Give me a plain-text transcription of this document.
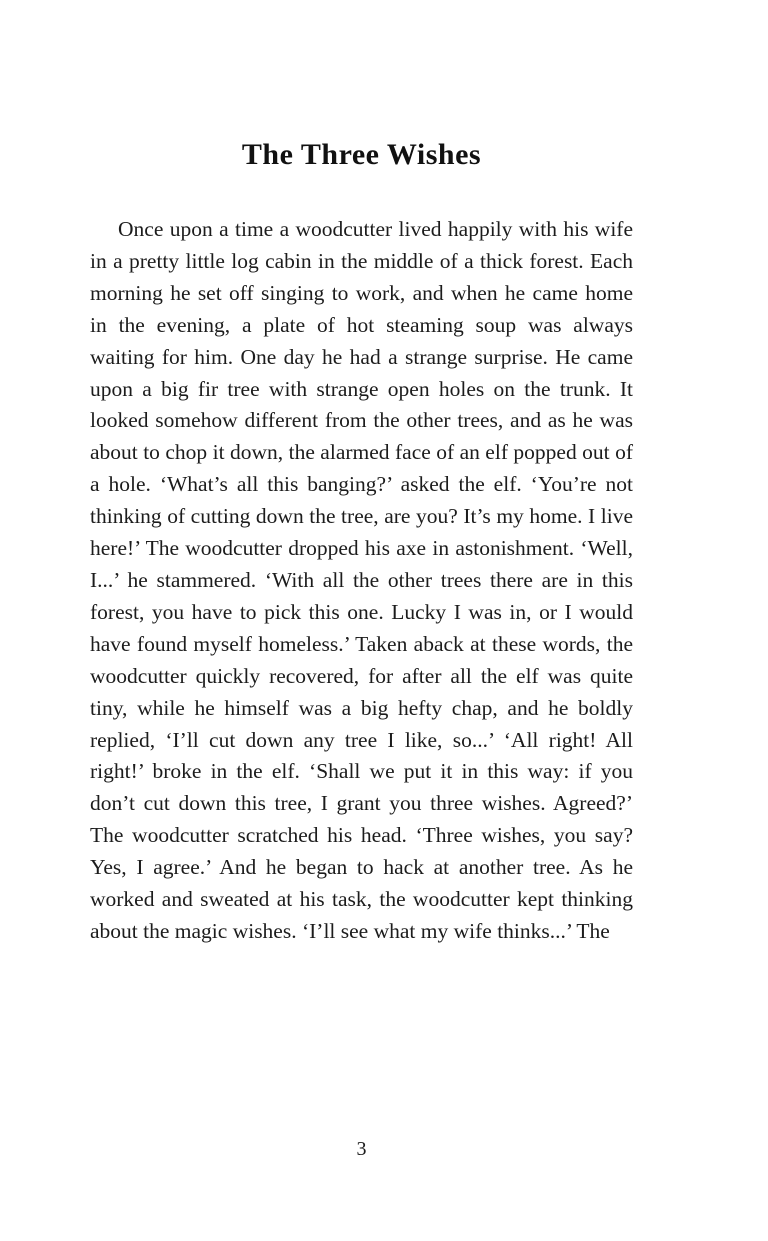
The Three Wishes

Once upon a time a woodcutter lived happily with his wife in a pretty little log cabin in the middle of a thick forest. Each morning he set off singing to work, and when he came home in the evening, a plate of hot steaming soup was always waiting for him. One day he had a strange surprise. He came upon a big fir tree with strange open holes on the trunk. It looked somehow different from the other trees, and as he was about to chop it down, the alarmed face of an elf popped out of a hole. ‘What’s all this banging?’ asked the elf. ‘You’re not thinking of cutting down the tree, are you? It’s my home. I live here!’ The woodcutter dropped his axe in astonishment. ‘Well, I...’ he stammered. ‘With all the other trees there are in this forest, you have to pick this one. Lucky I was in, or I would have found myself homeless.’ Taken aback at these words, the woodcutter quickly recovered, for after all the elf was quite tiny, while he himself was a big hefty chap, and he boldly replied, ‘I’ll cut down any tree I like, so...’ ‘All right! All right!’ broke in the elf. ‘Shall we put it in this way: if you don’t cut down this tree, I grant you three wishes. Agreed?’ The woodcutter scratched his head. ‘Three wishes, you say? Yes, I agree.’ And he began to hack at another tree. As he worked and sweated at his task, the woodcutter kept thinking about the magic wishes. ‘I’ll see what my wife thinks...’ The

3
